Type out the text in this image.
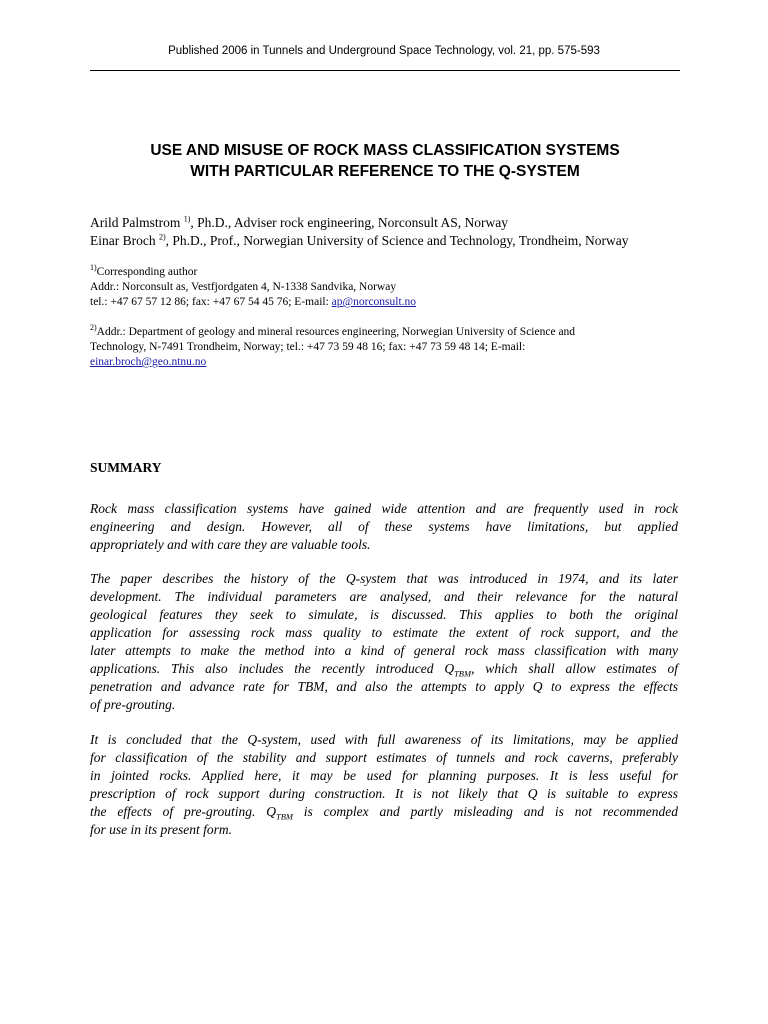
Published 2006 in Tunnels and Underground Space Technology, vol. 21, pp. 575-593
USE AND MISUSE OF ROCK MASS CLASSIFICATION SYSTEMS
WITH PARTICULAR REFERENCE TO THE Q-SYSTEM
Arild Palmstrom $^{1)}$, Ph.D., Adviser rock engineering, Norconsult AS, Norway
Einar Broch $^{2)}$, Ph.D., Prof., Norwegian University of Science and Technology, Trondheim, Norway
$^{1)}$Corresponding author
Addr.: Norconsult as, Vestfjordgaten 4, N-1338 Sandvika, Norway
tel.: +47 67 57 12 86; fax: +47 67 54 45 76; E-mail: ap@norconsult.no
$^{2)}$Addr.: Department of geology and mineral resources engineering, Norwegian University of Science and
Technology, N-7491 Trondheim, Norway; tel.: +47 73 59 48 16; fax: +47 73 59 48 14; E-mail:
einar.broch@geo.ntnu.no
SUMMARY

Rock mass classification systems have gained wide attention and are frequently used in rock
engineering and design. However, all of these systems have limitations, but applied
appropriately and with care they are valuable tools.

The paper describes the history of the Q-system that was introduced in 1974, and its later
development. The individual parameters are analysed, and their relevance for the natural
geological features they seek to simulate, is discussed. This applies to both the original
application for assessing rock mass quality to estimate the extent of rock support, and the
later attempts to make the method into a kind of general rock mass classification with many
applications. This also includes the recently introduced $Q_{TBM}$, which shall allow estimates of
penetration and advance rate for TBM, and also the attempts to apply Q to express the effects
of pre-grouting.

It is concluded that the Q-system, used with full awareness of its limitations, may be applied
for classification of the stability and support estimates of tunnels and rock caverns, preferably
in jointed rocks. Applied here, it may be used for planning purposes. It is less useful for
prescription of rock support during construction. It is not likely that Q is suitable to express
the effects of pre-grouting. $Q_{TBM}$ is complex and partly misleading and is not recommended
for use in its present form.
